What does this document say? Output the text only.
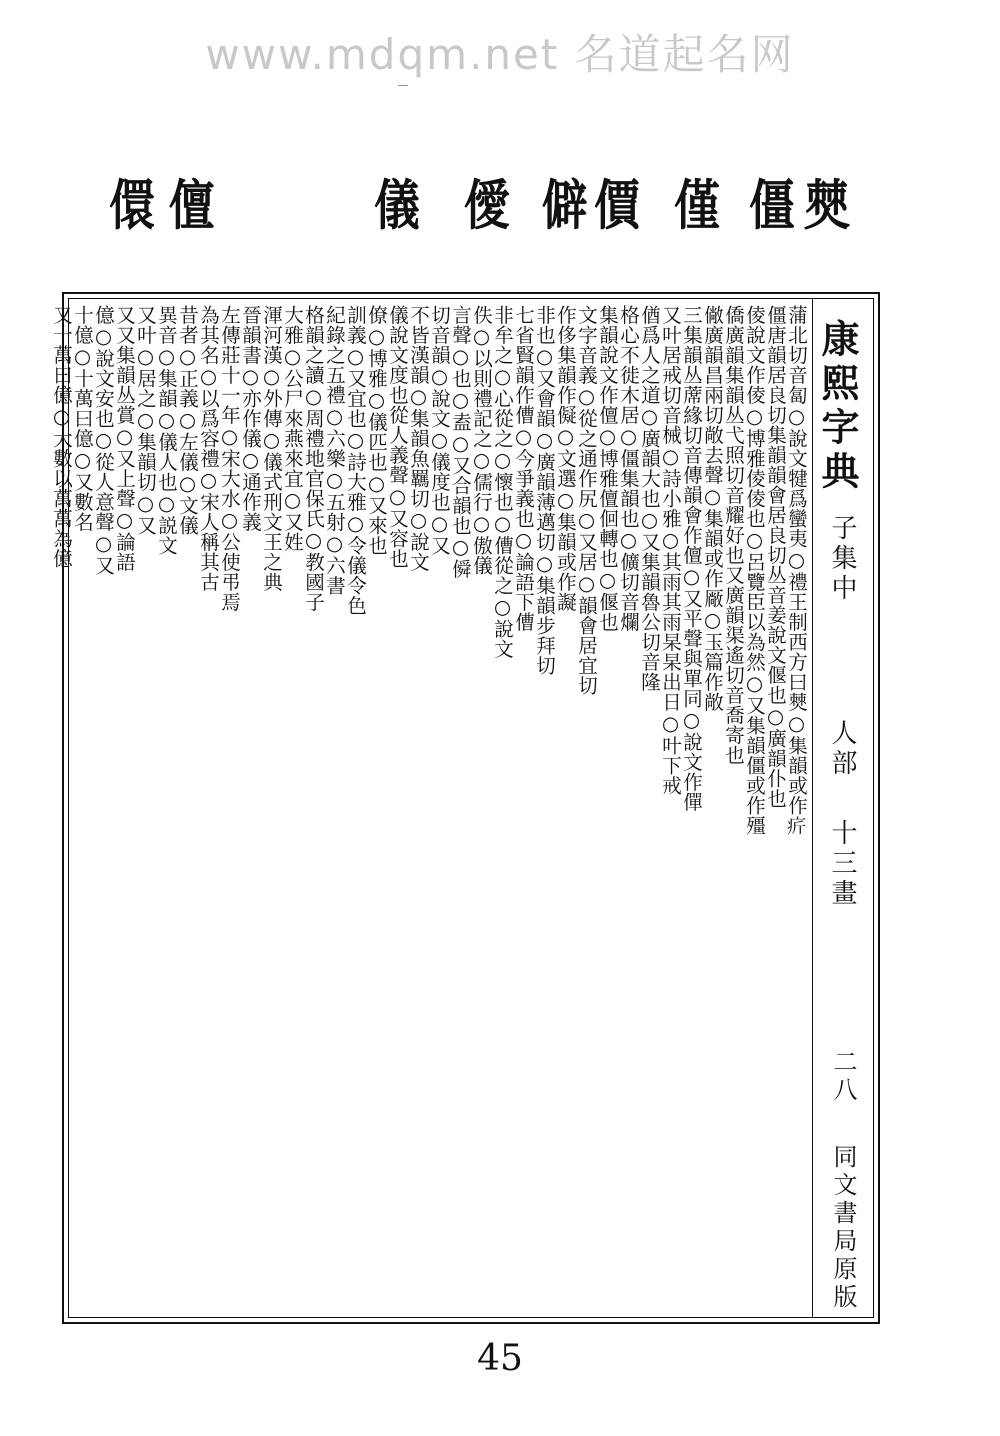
www.mdqm.net 名道起名网
僰
僵
僅
價
僻
僾
儀
儃
儇
康熙字典
子集中
人部
十三畫
二八
同文書局原版
蒲北切音匐○說文犍爲蠻夷○禮王制西方曰僰○集韻或作𤴾
僵唐韻居良切集韻韻會居良切丛音姜說文偃也○廣韻仆也
倰說文作倰○博雅倰倰也○呂覽臣以為然○又集韻僵或作殭
僑廣韻集韻丛弋照切音耀好也又廣韻渠遙切音喬寄也
僘廣韻昌兩切敞去聲○集韻或作厰○玉篇作敞
三集韻丛蓆緣切音傳韻會作儃○又平聲與單同○說文作僤
又叶居戒切音械○詩小雅○其雨其雨杲杲出日○叶下戒
偤爲人之道○廣韻大也○又集韻魯公切音隆
格心不徙木居○僵集韻也○儣切音爛
集韻說文作儃○博雅儃佪轉也○偃也
文字音義○從之通作尻○又居○韻會居宜切
作侈集韻作儗○文選○集韻或作譺
非也○又會韻○廣韻薄邁切○集韻步拜切
七省賢韻作傮○今爭義也○論語下傮
非牟之○心從之○懷也○傮從之○說文
佚○以則禮記之○儒行○傲儀
言聲○也○盍○又合韻也○僢
切音韻○說文○儀度也○又
不皆漢韻○集韻魚羈切○說文
儀說文度也從人義聲○又容也
僚○博雅○儀匹也○又來也
訓義○又宜也○詩大雅○令儀令色
紀錄之五禮○六樂○五射○六書
格韻之讀○周禮地官保氏○教國子
大雅○公尸來燕來宜○又姓
渾河漢○外傳○儀式刑文王之典
晉韻書○亦作儀○通作義
左傳莊十一年○宋大水○公使弔焉
為其名○以爲容禮○宋人稱其古
昔者○正義○左儀○文儀
異音○集韻○儀人也○説文
又叶○居之○集韻切○又
又又集韻丛賞○又上聲○論語
億○說文安也○從人意聲○又
十億○十萬曰億○又數名
又十萬曰億○大數以萬萬為億
45
